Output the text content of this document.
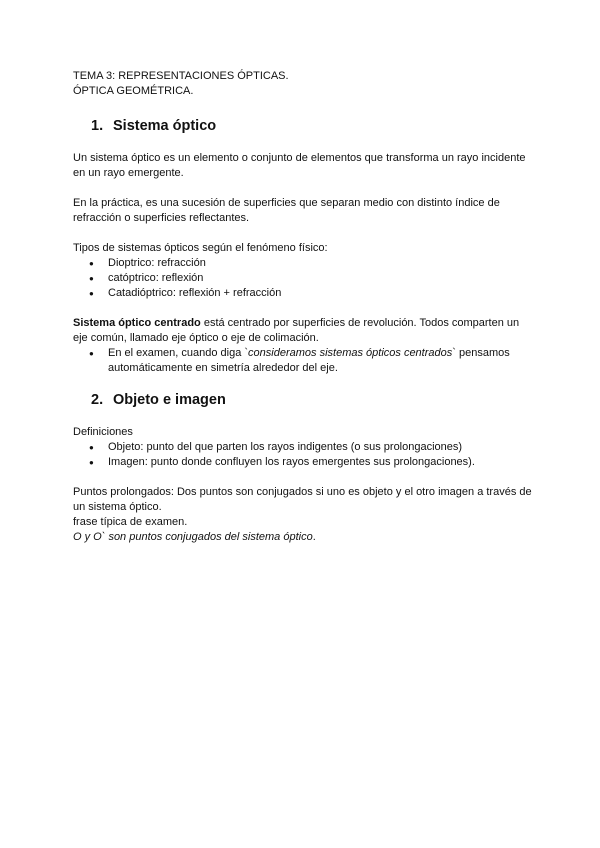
TEMA 3: REPRESENTACIONES ÓPTICAS.

ÓPTICA GEOMÉTRICA.

1. Sistema óptico

Un sistema óptico es un elemento o conjunto de elementos que transforma un rayo incidente en un rayo emergente.

En la práctica, es una sucesión de superficies que separan medio con distinto índice de refracción o superficies reflectantes.

Tipos de sistemas ópticos según el fenómeno físico:

● Dioptrico: refracción
● catóptrico: reflexión
● Catadióptrico: reflexión + refracción

Sistema óptico centrado está centrado por superficies de revolución. Todos comparten un eje común, llamado eje óptico o eje de colimación.

● En el examen, cuando diga `consideramos sistemas ópticos centrados` pensamos automáticamente en simetría alrededor del eje.
2. Objeto e imagen

Definiciones

● Objeto: punto del que parten los rayos indigentes (o sus prolongaciones)
● Imagen: punto donde confluyen los rayos emergentes sus prolongaciones).

Puntos prolongados: Dos puntos son conjugados si uno es objeto y el otro imagen a través de un sistema óptico.

frase típica de examen.

O y O` son puntos conjugados del sistema óptico.
